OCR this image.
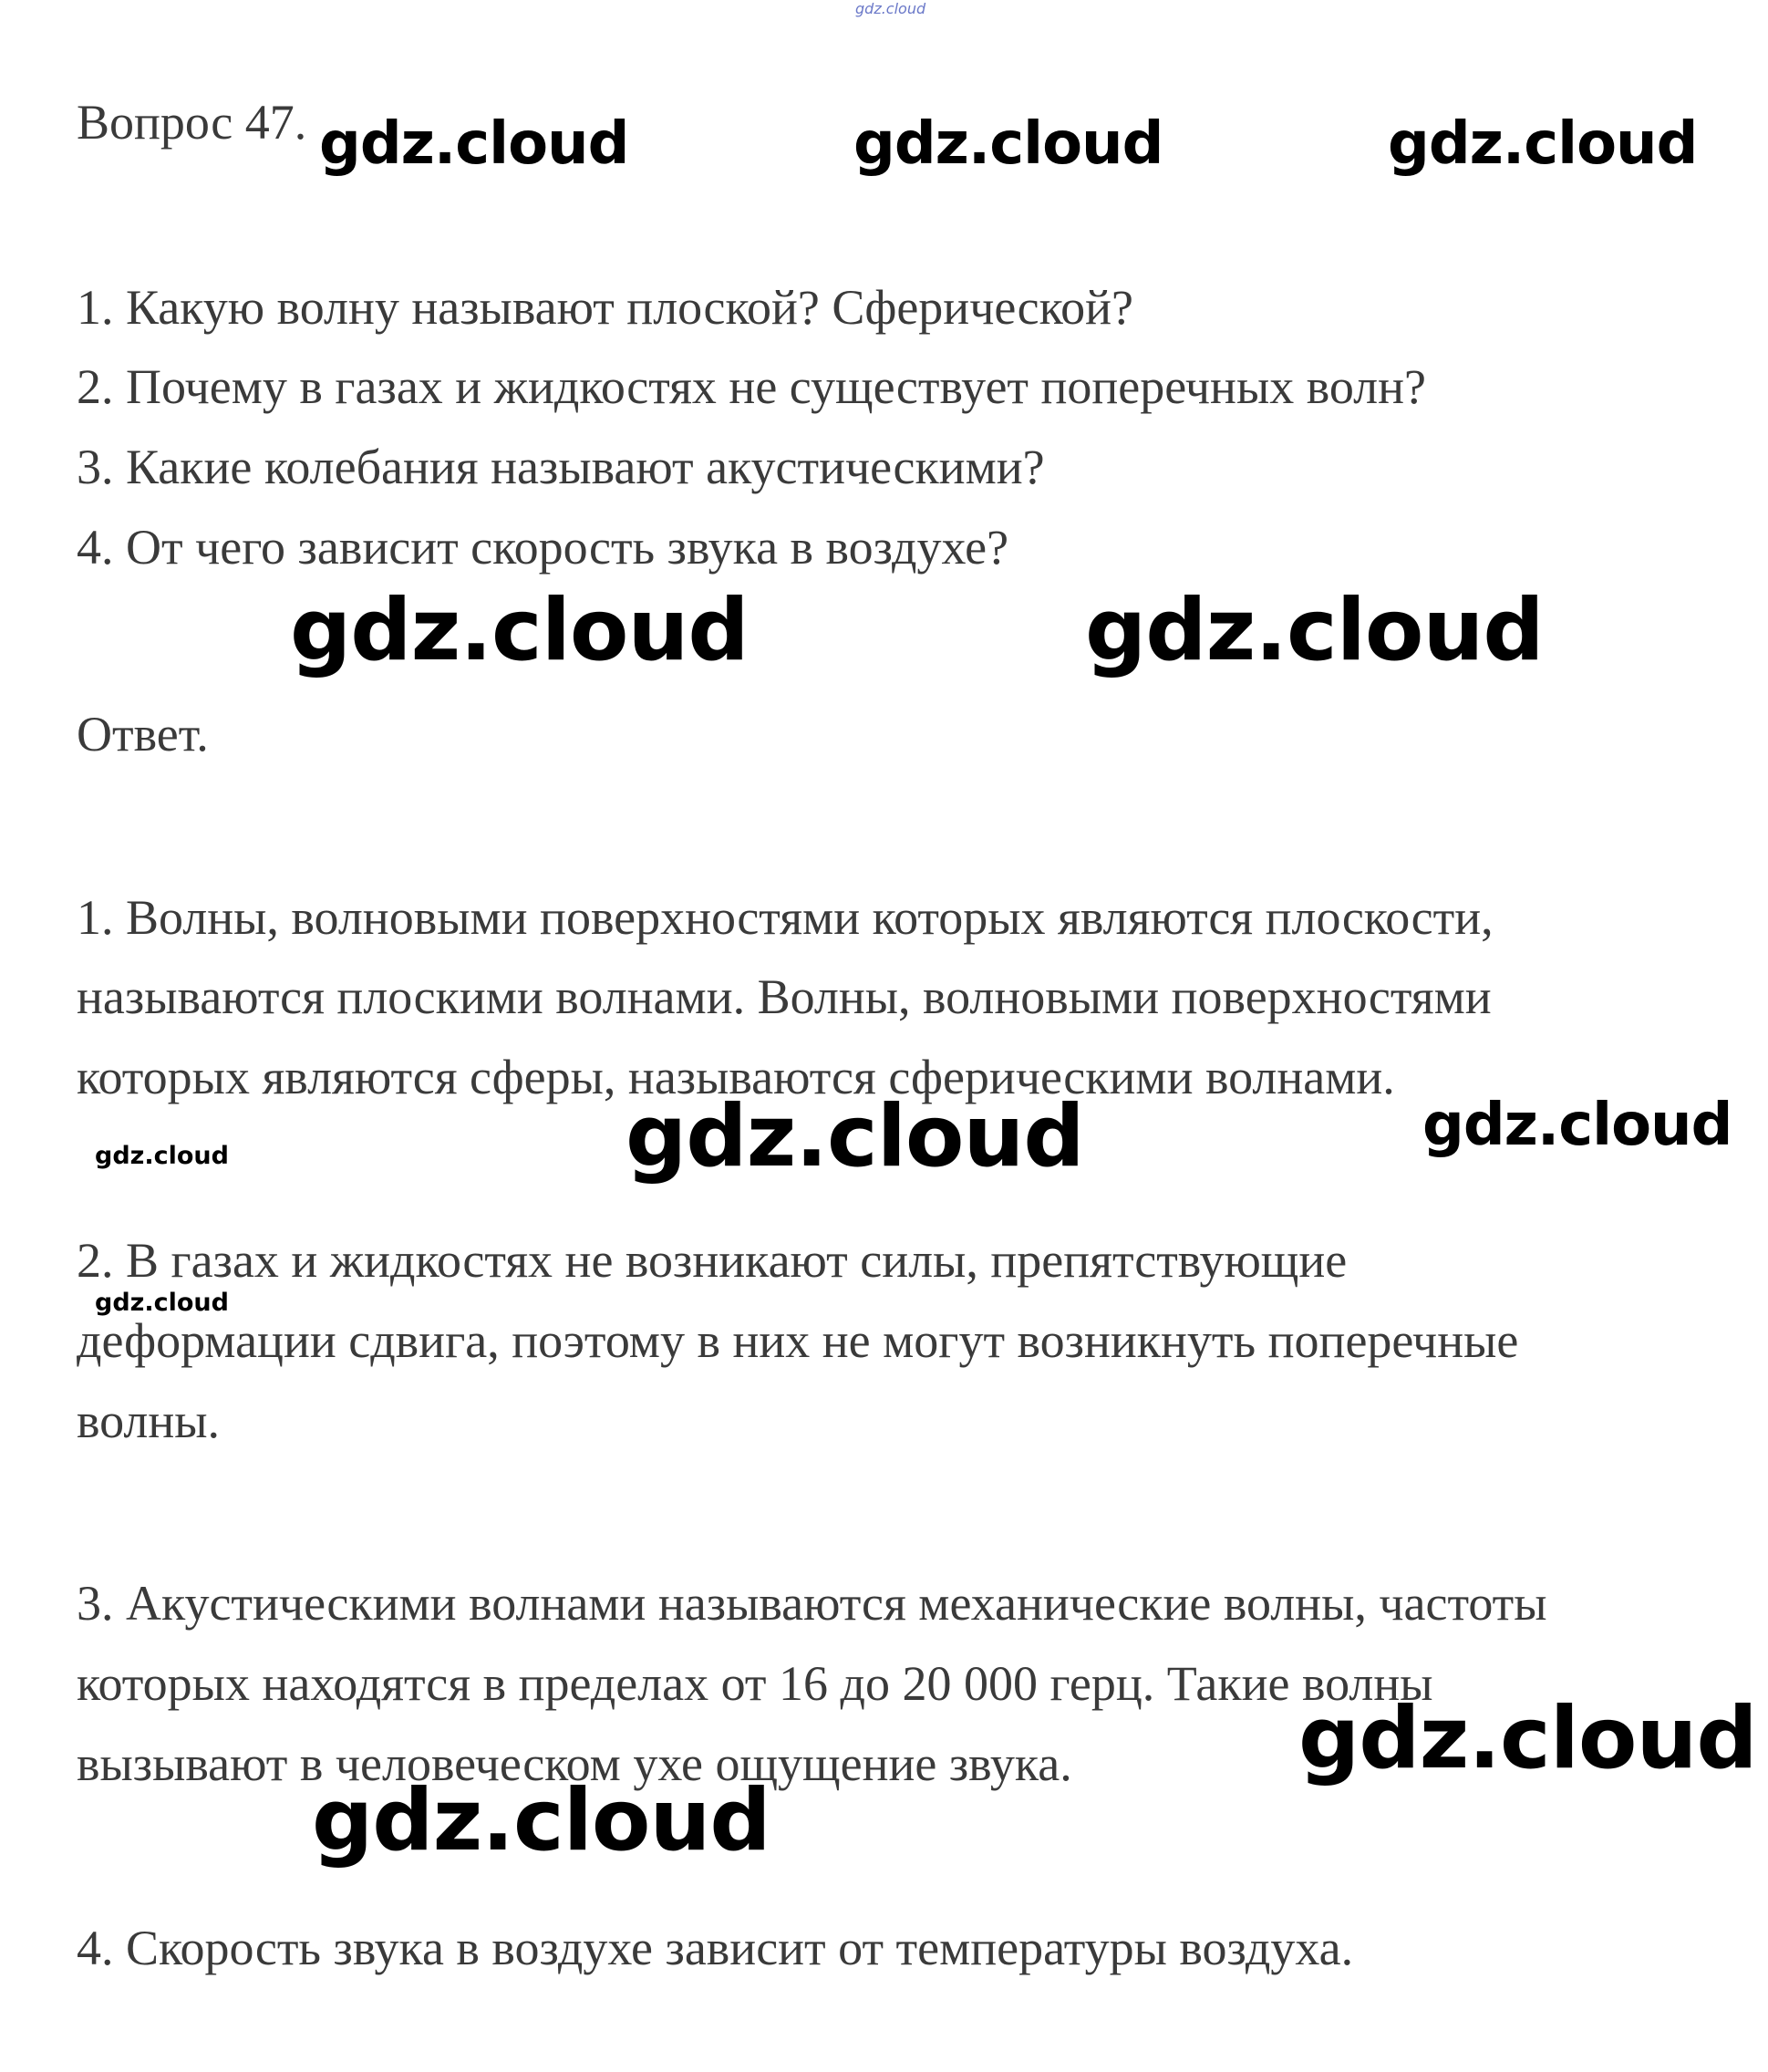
gdz.cloud
Вопрос 47.
1. Какую волну называют плоской? Сферической?
2. Почему в газах и жидкостях не существует поперечных волн?
3. Какие колебания называют акустическими?
4. От чего зависит скорость звука в воздухе?
Ответ.
1. Волны, волновыми поверхностями которых являются плоскости,
называются плоскими волнами. Волны, волновыми поверхностями
которых являются сферы, называются сферическими волнами.
2. В газах и жидкостях не возникают силы, препятствующие
деформации сдвига, поэтому в них не могут возникнуть поперечные
волны.
3. Акустическими волнами называются механические волны, частоты
которых находятся в пределах от 16 до 20 000 герц. Такие волны
вызывают в человеческом ухе ощущение звука.
4. Скорость звука в воздухе зависит от температуры воздуха.
gdz.cloud	gdz.cloud	gdz.cloud
gdz.cloud	gdz.cloud
gdz.cloud	gdz.cloud	gdz.cloud
gdz.cloud
gdz.cloud
gdz.cloud
